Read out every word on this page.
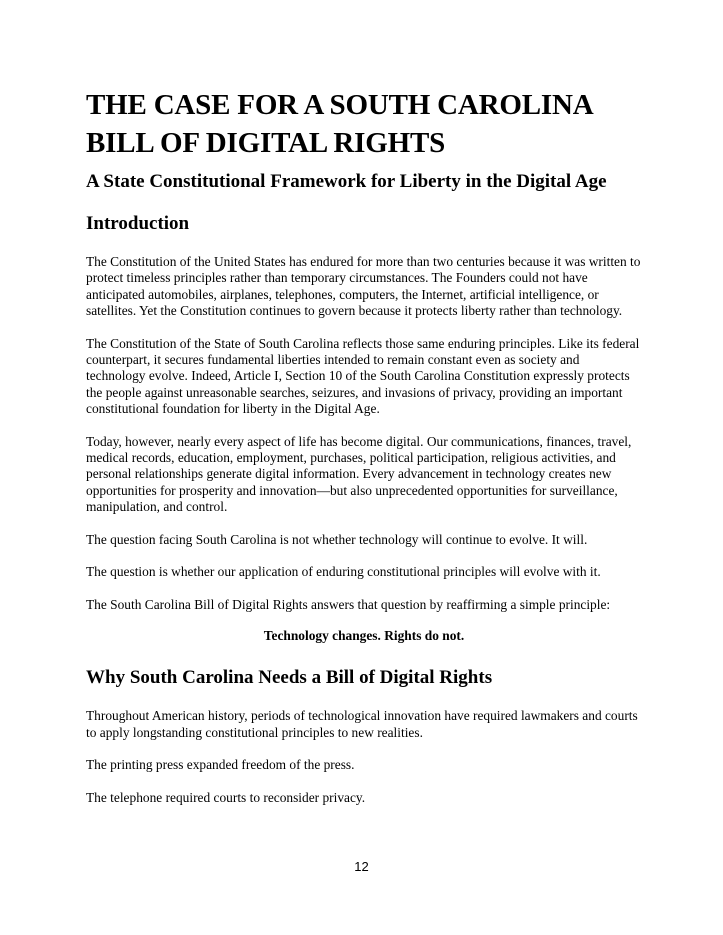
THE CASE FOR A SOUTH CAROLINA BILL OF DIGITAL RIGHTS
A State Constitutional Framework for Liberty in the Digital Age
Introduction

The Constitution of the United States has endured for more than two centuries because it was written to protect timeless principles rather than temporary circumstances. The Founders could not have anticipated automobiles, airplanes, telephones, computers, the Internet, artificial intelligence, or satellites. Yet the Constitution continues to govern because it protects liberty rather than technology.

The Constitution of the State of South Carolina reflects those same enduring principles. Like its federal counterpart, it secures fundamental liberties intended to remain constant even as society and technology evolve. Indeed, Article I, Section 10 of the South Carolina Constitution expressly protects the people against unreasonable searches, seizures, and invasions of privacy, providing an important constitutional foundation for liberty in the Digital Age.

Today, however, nearly every aspect of life has become digital. Our communications, finances, travel, medical records, education, employment, purchases, political participation, religious activities, and personal relationships generate digital information. Every advancement in technology creates new opportunities for prosperity and innovation—but also unprecedented opportunities for surveillance, manipulation, and control.

The question facing South Carolina is not whether technology will continue to evolve. It will.

The question is whether our application of enduring constitutional principles will evolve with it.

The South Carolina Bill of Digital Rights answers that question by reaffirming a simple principle:

Technology changes. Rights do not.

Why South Carolina Needs a Bill of Digital Rights

Throughout American history, periods of technological innovation have required lawmakers and courts to apply longstanding constitutional principles to new realities.

The printing press expanded freedom of the press.

The telephone required courts to reconsider privacy.

12
